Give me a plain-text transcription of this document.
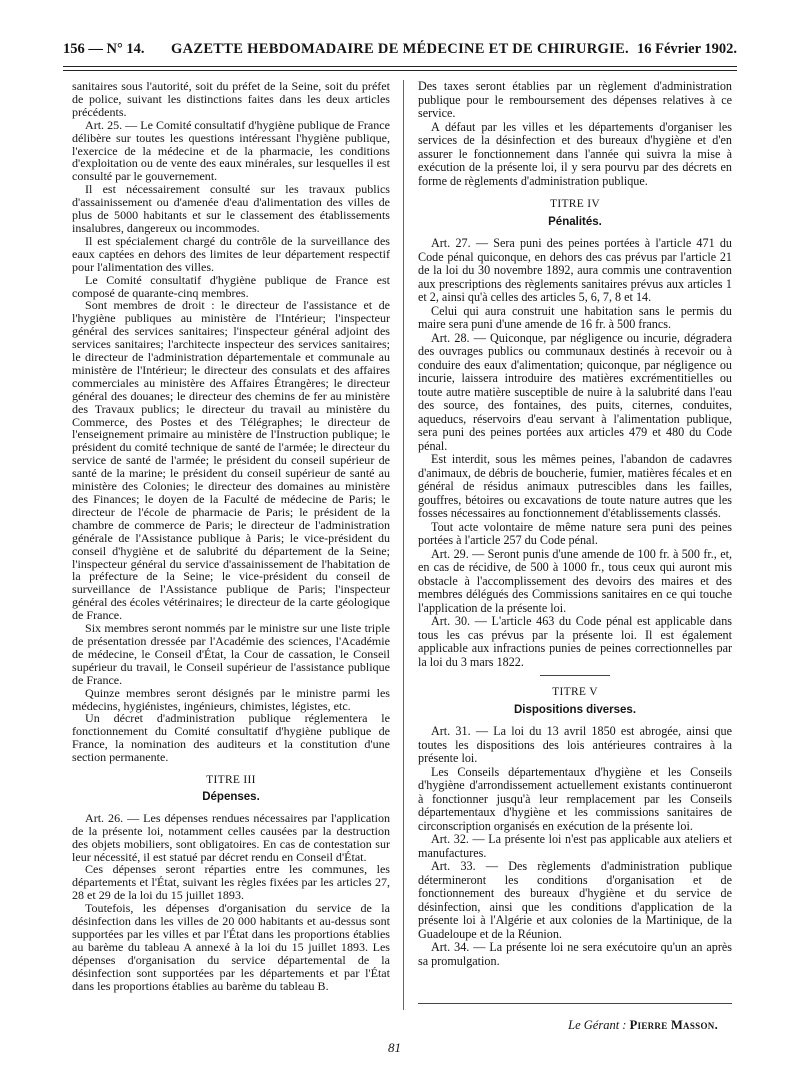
156 — N° 14.	GAZETTE HEBDOMADAIRE DE MÉDECINE ET DE CHIRURGIE. 16 Février 1902.

sanitaires sous l'autorité, soit du préfet de la Seine, soit du préfet de police, suivant les distinctions faites dans les deux articles précédents.

Art. 25. — Le Comité consultatif d'hygiène publique de France délibère sur toutes les questions intéressant l'hygiène publique, l'exercice de la médecine et de la pharmacie, les conditions d'exploitation ou de vente des eaux minérales, sur lesquelles il est consulté par le gouvernement.

Il est nécessairement consulté sur les travaux publics d'assainissement ou d'amenée d'eau d'alimentation des villes de plus de 5000 habitants et sur le classement des établissements insalubres, dangereux ou incommodes.

Il est spécialement chargé du contrôle de la surveillance des eaux captées en dehors des limites de leur département respectif pour l'alimentation des villes.

Le Comité consultatif d'hygiène publique de France est composé de quarante-cinq membres.

Sont membres de droit : le directeur de l'assistance et de l'hygiène publiques au ministère de l'Intérieur; l'inspecteur général des services sanitaires; l'inspecteur général adjoint des services sanitaires; l'architecte inspecteur des services sanitaires; le directeur de l'administration départementale et communale au ministère de l'Intérieur; le directeur des consulats et des affaires commerciales au ministère des Affaires Étrangères; le directeur général des douanes; le directeur des chemins de fer au ministère des Travaux publics; le directeur du travail au ministère du Commerce, des Postes et des Télégraphes; le directeur de l'enseignement primaire au ministère de l'Instruction publique; le président du comité technique de santé de l'armée; le directeur du service de santé de l'armée; le président du conseil supérieur de santé de la marine; le président du conseil supérieur de santé au ministère des Colonies; le directeur des domaines au ministère des Finances; le doyen de la Faculté de médecine de Paris; le directeur de l'école de pharmacie de Paris; le président de la chambre de commerce de Paris; le directeur de l'administration générale de l'Assistance publique à Paris; le vice-président du conseil d'hygiène et de salubrité du département de la Seine; l'inspecteur général du service d'assainissement de l'habitation de la préfecture de la Seine; le vice-président du conseil de surveillance de l'Assistance publique de Paris; l'inspecteur général des écoles vétérinaires; le directeur de la carte géologique de France.

Six membres seront nommés par le ministre sur une liste triple de présentation dressée par l'Académie des sciences, l'Académie de médecine, le Conseil d'État, la Cour de cassation, le Conseil supérieur du travail, le Conseil supérieur de l'assistance publique de France.

Quinze membres seront désignés par le ministre parmi les médecins, hygiénistes, ingénieurs, chimistes, légistes, etc.

Un décret d'administration publique réglementera le fonctionnement du Comité consultatif d'hygiène publique de France, la nomination des auditeurs et la constitution d'une section permanente.

TITRE III
Dépenses.

Art. 26. — Les dépenses rendues nécessaires par l'application de la présente loi, notamment celles causées par la destruction des objets mobiliers, sont obligatoires. En cas de contestation sur leur nécessité, il est statué par décret rendu en Conseil d'État.

Ces dépenses seront réparties entre les communes, les départements et l'État, suivant les règles fixées par les articles 27, 28 et 29 de la loi du 15 juillet 1893.

Toutefois, les dépenses d'organisation du service de la désinfection dans les villes de 20 000 habitants et au-dessus sont supportées par les villes et par l'État dans les proportions établies au barème du tableau A annexé à la loi du 15 juillet 1893. Les dépenses d'organisation du service départemental de la désinfection sont supportées par les départements et par l'État dans les proportions établies au barème du tableau B.

Des taxes seront établies par un règlement d'administration publique pour le remboursement des dépenses relatives à ce service.

A défaut par les villes et les départements d'organiser les services de la désinfection et des bureaux d'hygiène et d'en assurer le fonctionnement dans l'année qui suivra la mise à exécution de la présente loi, il y sera pourvu par des décrets en forme de règlements d'administration publique.

TITRE IV
Pénalités.

Art. 27. — Sera puni des peines portées à l'article 471 du Code pénal quiconque, en dehors des cas prévus par l'article 21 de la loi du 30 novembre 1892, aura commis une contravention aux prescriptions des règlements sanitaires prévus aux articles 1 et 2, ainsi qu'à celles des articles 5, 6, 7, 8 et 14.

Celui qui aura construit une habitation sans le permis du maire sera puni d'une amende de 16 fr. à 500 francs.

Art. 28. — Quiconque, par négligence ou incurie, dégradera des ouvrages publics ou communaux destinés à recevoir ou à conduire des eaux d'alimentation; quiconque, par négligence ou incurie, laissera introduire des matières excrémentitielles ou toute autre matière susceptible de nuire à la salubrité dans l'eau des source, des fontaines, des puits, citernes, conduites, aqueducs, réservoirs d'eau servant à l'alimentation publique, sera puni des peines portées aux articles 479 et 480 du Code pénal.

Est interdit, sous les mêmes peines, l'abandon de cadavres d'animaux, de débris de boucherie, fumier, matières fécales et en général de résidus animaux putrescibles dans les failles, gouffres, bétoires ou excavations de toute nature autres que les fosses nécessaires au fonctionnement d'établissements classés.

Tout acte volontaire de même nature sera puni des peines portées à l'article 257 du Code pénal.

Art. 29. — Seront punis d'une amende de 100 fr. à 500 fr., et, en cas de récidive, de 500 à 1000 fr., tous ceux qui auront mis obstacle à l'accomplissement des devoirs des maires et des membres délégués des Commissions sanitaires en ce qui touche l'application de la présente loi.

Art. 30. — L'article 463 du Code pénal est applicable dans tous les cas prévus par la présente loi. Il est également applicable aux infractions punies de peines correctionnelles par la loi du 3 mars 1822.

TITRE V
Dispositions diverses.

Art. 31. — La loi du 13 avril 1850 est abrogée, ainsi que toutes les dispositions des lois antérieures contraires à la présente loi.

Les Conseils départementaux d'hygiène et les Conseils d'hygiène d'arrondissement actuellement existants continueront à fonctionner jusqu'à leur remplacement par les Conseils départementaux d'hygiène et les commissions sanitaires de circonscription organisés en exécution de la présente loi.

Art. 32. — La présente loi n'est pas applicable aux ateliers et manufactures.

Art. 33. — Des règlements d'administration publique détermineront les conditions d'organisation et de fonctionnement des bureaux d'hygiène et du service de désinfection, ainsi que les conditions d'application de la présente loi à l'Algérie et aux colonies de la Martinique, de la Guadeloupe et de la Réunion.

Art. 34. — La présente loi ne sera exécutoire qu'un an après sa promulgation.

Le Gérant : Pierre Masson.
81
